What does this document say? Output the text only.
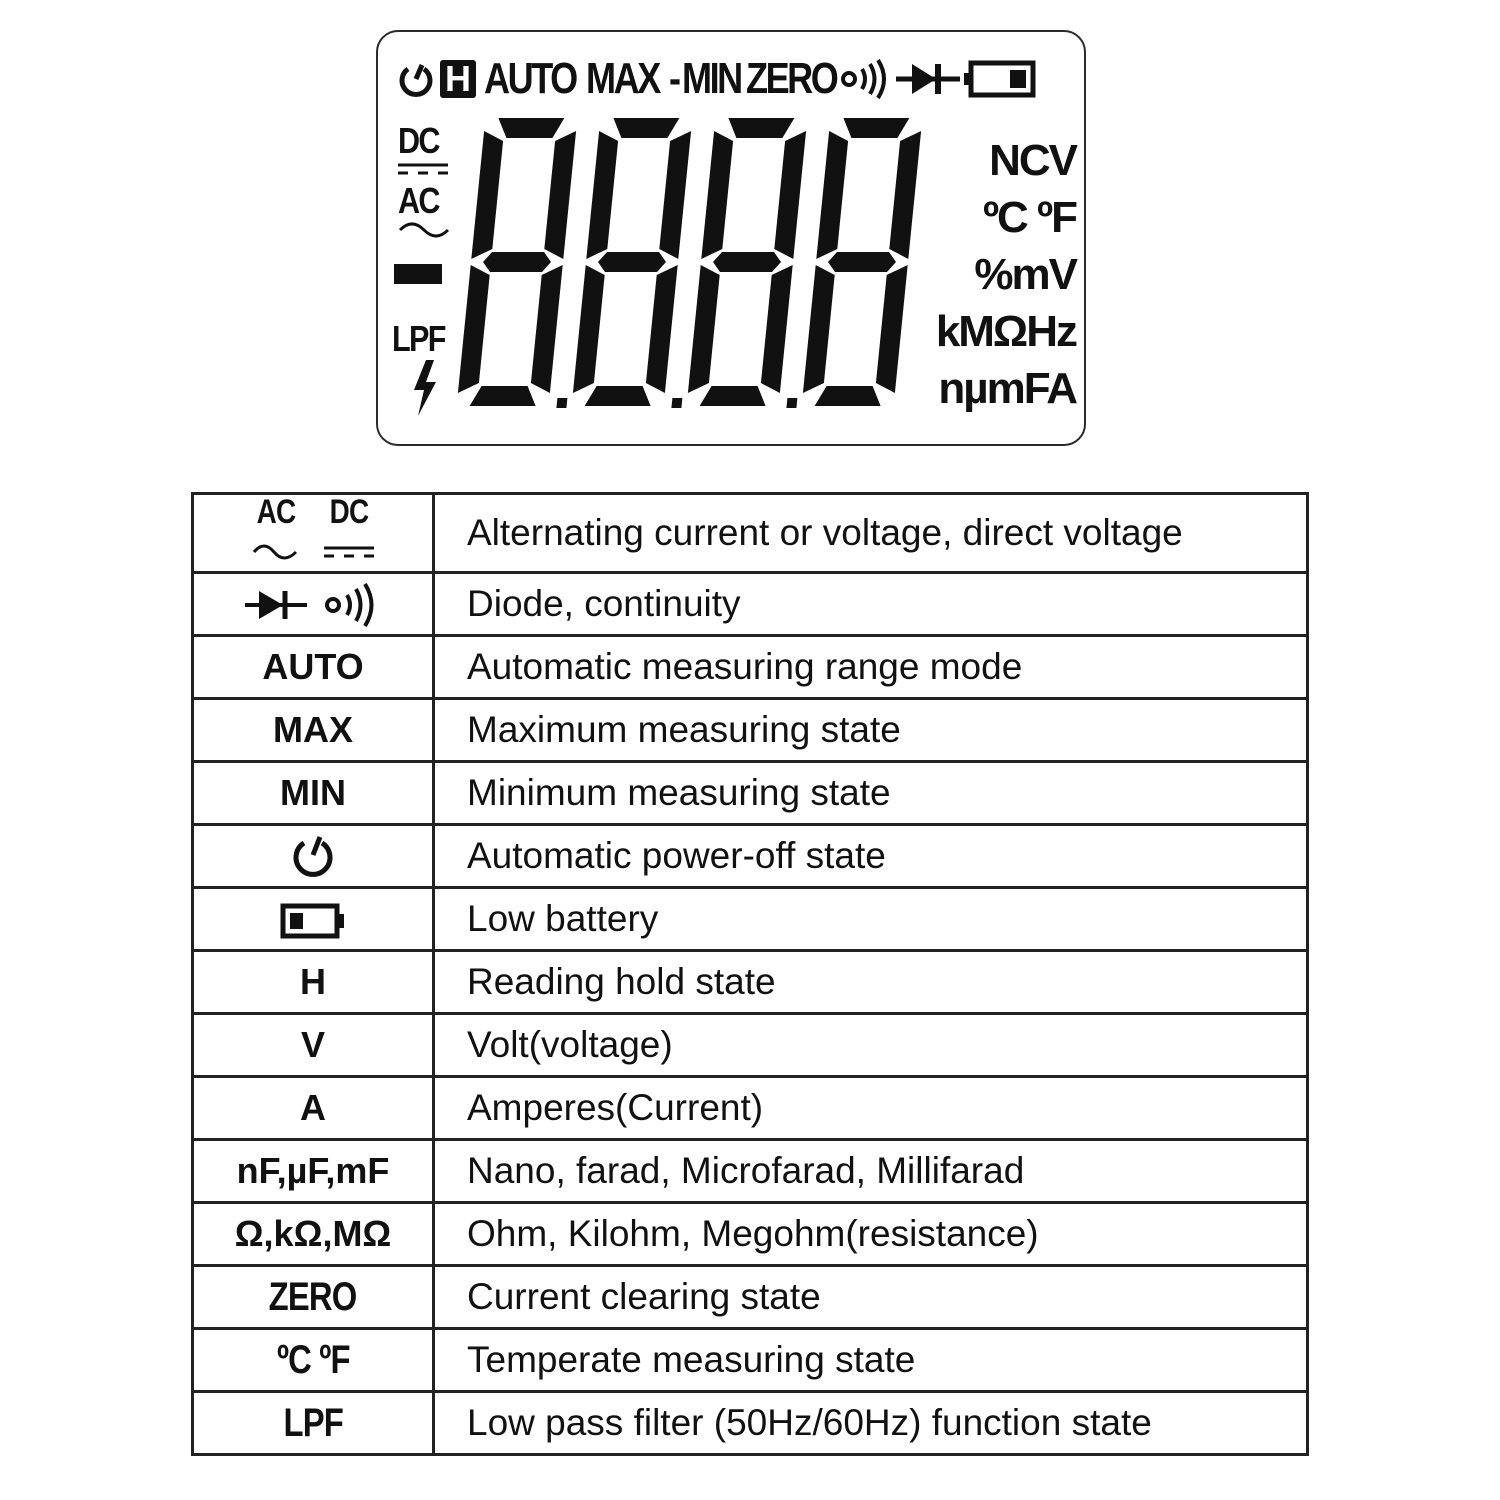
H AUTO MAX - MIN ZERO
DC
AC
LPF
NCV
ºC ºF
%mV
kMΩHz
nµmFA
AC
DC	Alternating current or voltage, direct voltage
	Diode, continuity
AUTO	Automatic measuring range mode
MAX	Maximum measuring state
MIN	Minimum measuring state
	Automatic power-off state
	Low battery
H	Reading hold state
V	Volt(voltage)
A	Amperes(Current)
nF,µF,mF	Nano, farad, Microfarad, Millifarad
Ω,kΩ,MΩ	Ohm, Kilohm, Megohm(resistance)
ZERO	Current clearing state
ºC ºF	Temperate measuring state
LPF	Low pass filter (50Hz/60Hz) function state
